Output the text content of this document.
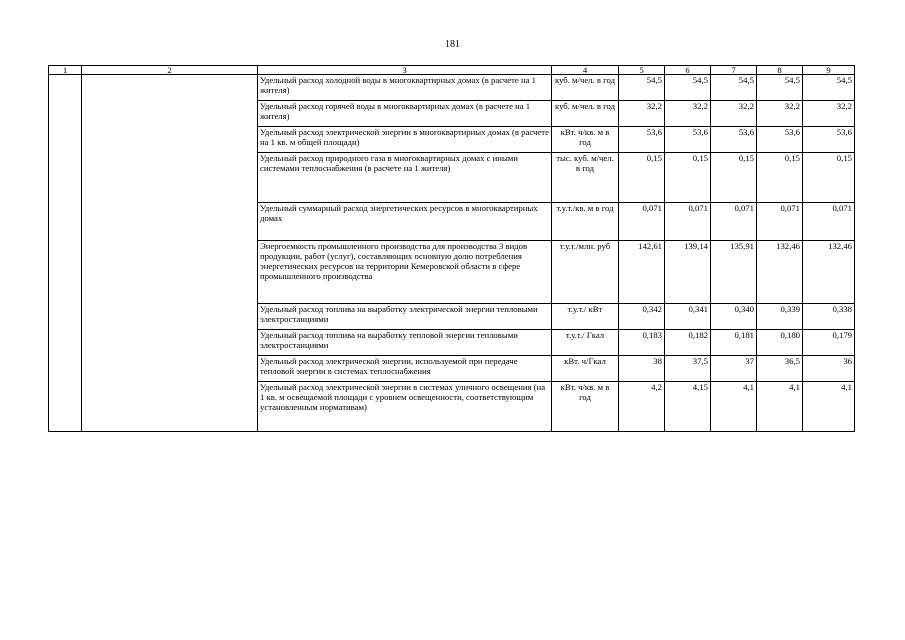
181
1	2	3	4	5	6	7	8	9
		Удельный расход холодной воды в многоквартирных домах (в расчете на 1 жителя)	куб. м/чел. в год	54,5	54,5	54,5	54,5	54,5
		Удельный расход горячей воды в многоквартирных домах (в расчете на 1 жителя)	куб. м/чел. в год	32,2	32,2	32,2	32,2	32,2
		Удельный расход электрической энергии в многоквартирных домах (в расчете на 1 кв. м общей площади)	кВт. ч/кв. м в год	53,6	53,6	53,6	53,6	53,6
		Удельный расход природного газа в многоквартирных домах с иными системами теплоснабжения (в расчете на 1 жителя)	тыс. куб. м/чел. в год	0,15	0,15	0,15	0,15	0,15
		Удельный суммарный расход энергетических ресурсов в многоквартирных домах	т.у.т./кв. м в год	0,071	0,071	0,071	0,071	0,071
		Энергоемкость промышленного производства для производства 3 видов продукции, работ (услуг), составляющих основную долю потребления энергетических ресурсов на территории Кемеровской области в сфере промышленного производства	т.у.т./млн. руб	142,61	139,14	135,91	132,46	132,46
		Удельный расход топлива на выработку электрической энергии тепловыми электростанциями	т.у.т./ кВт	0,342	0,341	0,340	0,339	0,338
		Удельный расход топлива на выработку тепловой энергии тепловыми электростанциями	т.у.т./ Гкал	0,183	0,182	0,181	0,180	0,179
		Удельный расход электрической энергии, используемой при передаче тепловой энергии в системах теплоснабжения	кВт. ч/Гкал	38	37,5	37	36,5	36
		Удельный расход электрической энергии в системах уличного освещения (на 1 кв. м освещаемой площади с уровнем освещенности, соответствующим установленным нормативам)	кВт. ч/кв. м в год	4,2	4,15	4,1	4,1	4,1
